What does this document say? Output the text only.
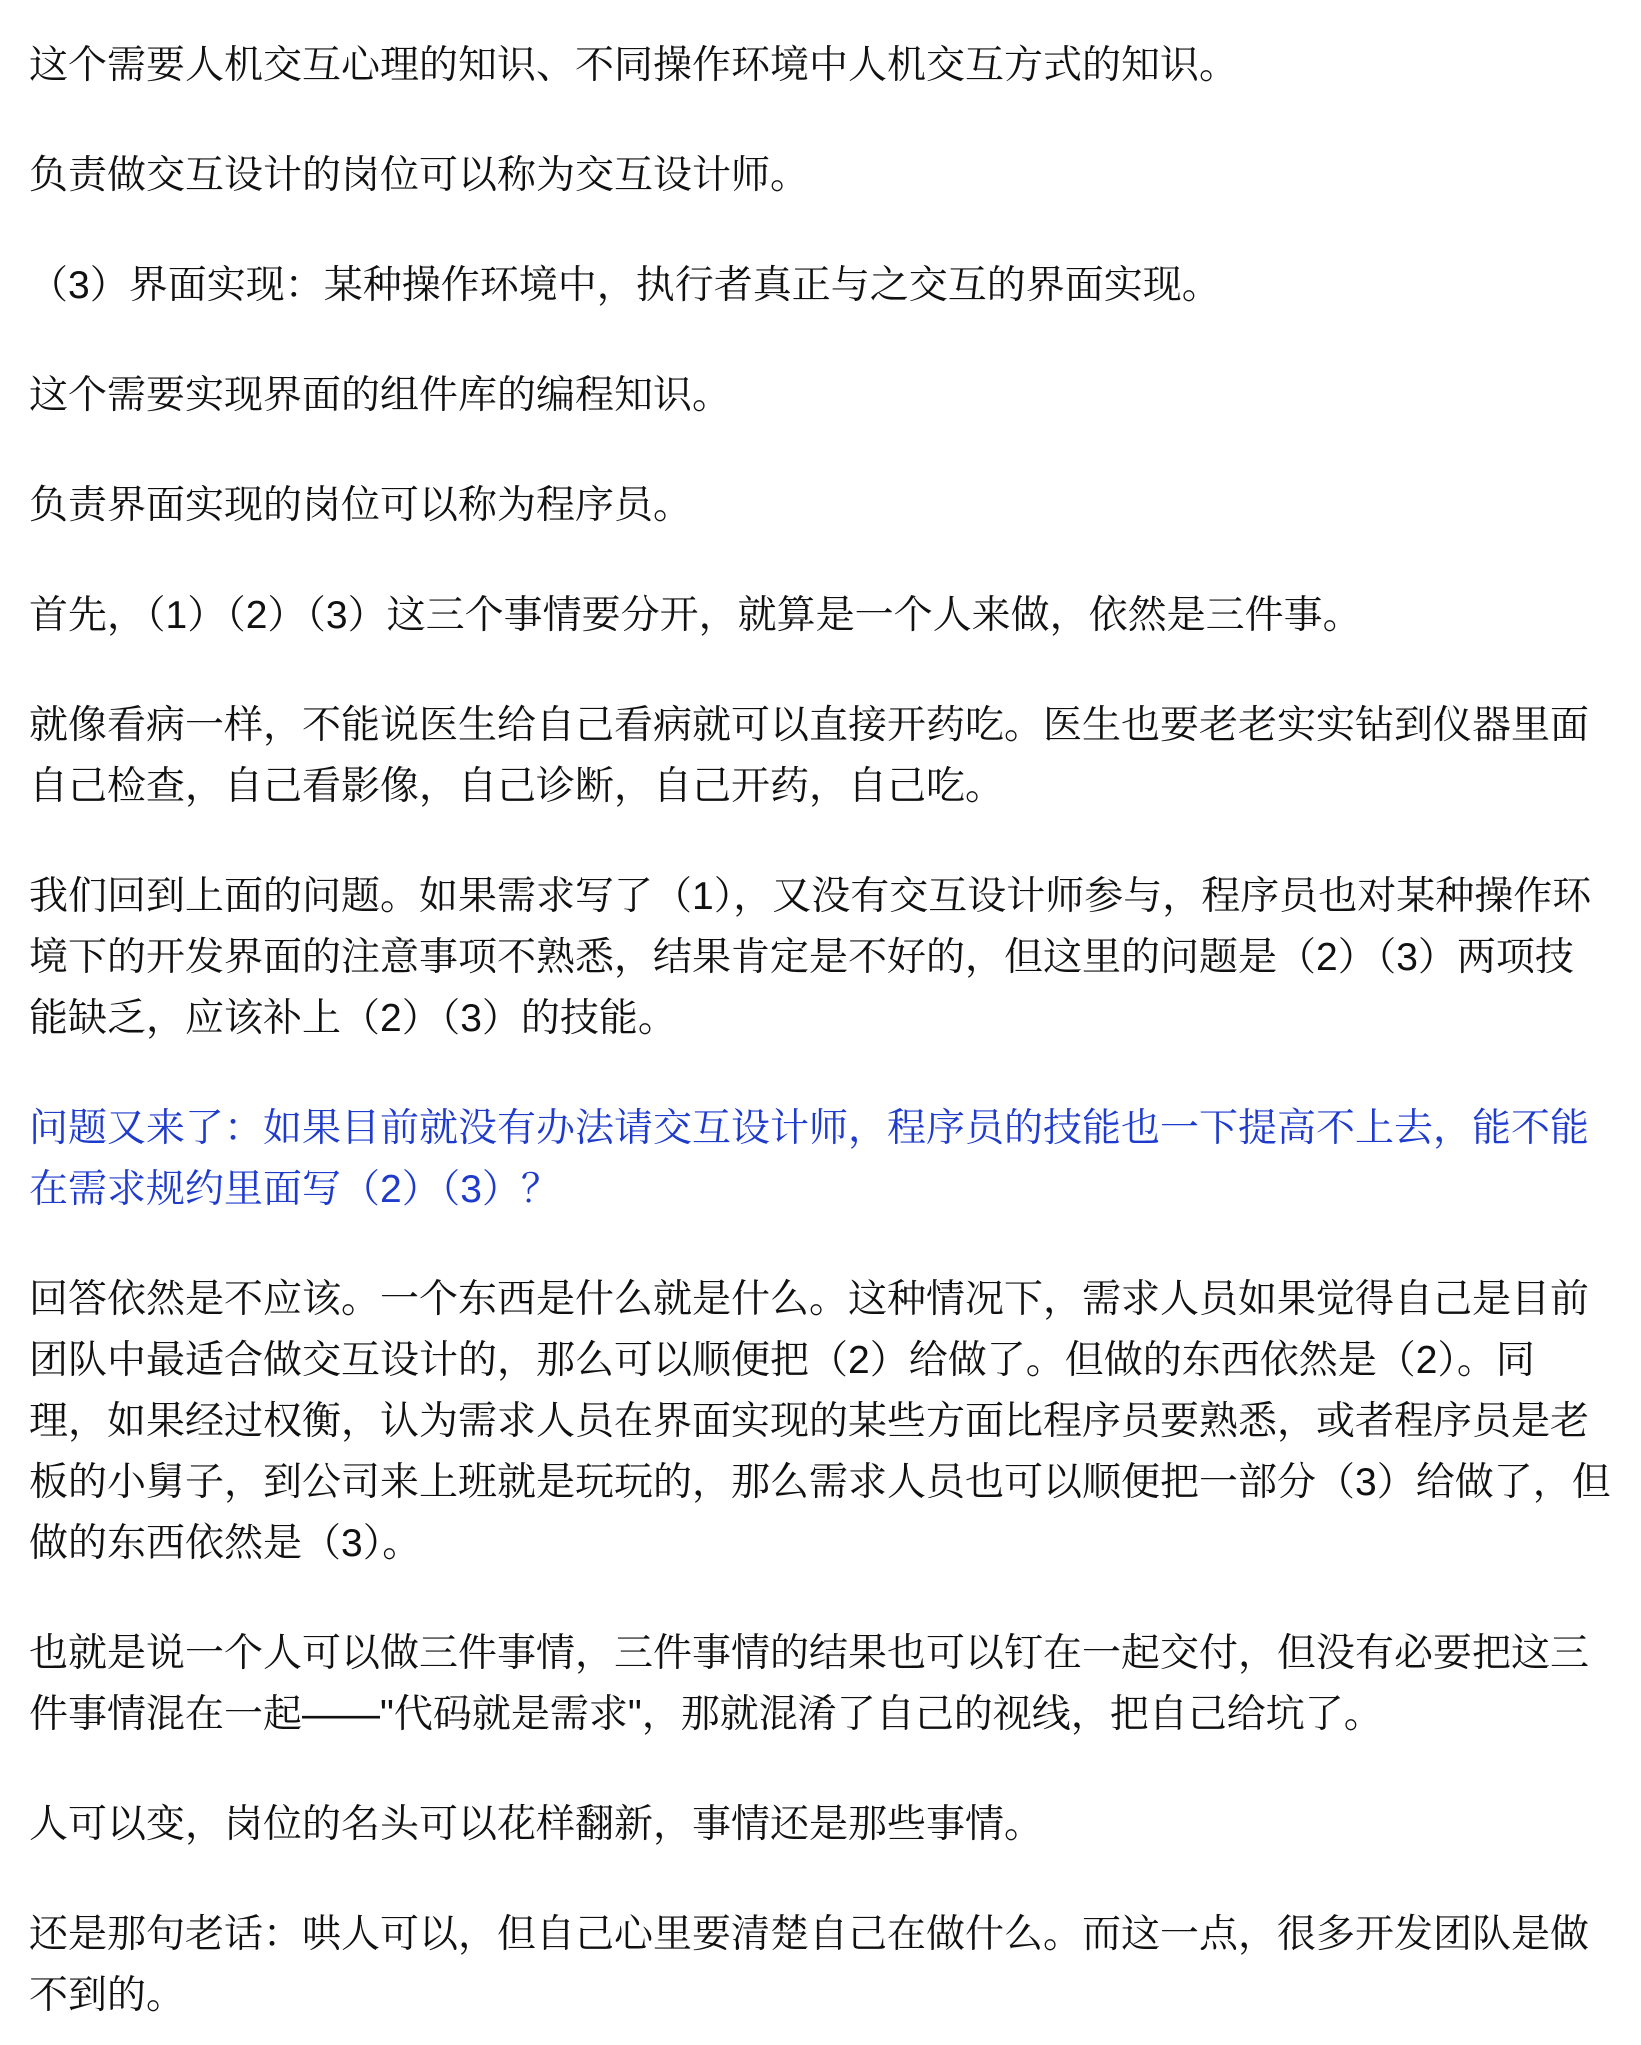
这个需要人机交互心理的知识、不同操作环境中人机交互方式的知识。
负责做交互设计的岗位可以称为交互设计师。
（3）界面实现：某种操作环境中，执行者真正与之交互的界面实现。
这个需要实现界面的组件库的编程知识。
负责界面实现的岗位可以称为程序员。
首先，（1）（2）（3）这三个事情要分开，就算是一个人来做，依然是三件事。
就像看病一样，不能说医生给自己看病就可以直接开药吃。医生也要老老实实钻到仪器里面
自己检查，自己看影像，自己诊断，自己开药，自己吃。
我们回到上面的问题。如果需求写了（1），又没有交互设计师参与，程序员也对某种操作环
境下的开发界面的注意事项不熟悉，结果肯定是不好的，但这里的问题是（2）（3）两项技
能缺乏，应该补上（2）（3）的技能。
问题又来了：如果目前就没有办法请交互设计师，程序员的技能也一下提高不上去，能不能
在需求规约里面写（2）（3）？
回答依然是不应该。一个东西是什么就是什么。这种情况下，需求人员如果觉得自己是目前
团队中最适合做交互设计的，那么可以顺便把（2）给做了。但做的东西依然是（2）。同
理，如果经过权衡，认为需求人员在界面实现的某些方面比程序员要熟悉，或者程序员是老
板的小舅子，到公司来上班就是玩玩的，那么需求人员也可以顺便把一部分（3）给做了，但
做的东西依然是（3）。
也就是说一个人可以做三件事情，三件事情的结果也可以钉在一起交付，但没有必要把这三
件事情混在一起——"代码就是需求"，那就混淆了自己的视线，把自己给坑了。
人可以变，岗位的名头可以花样翻新，事情还是那些事情。
还是那句老话：哄人可以，但自己心里要清楚自己在做什么。而这一点，很多开发团队是做
不到的。
